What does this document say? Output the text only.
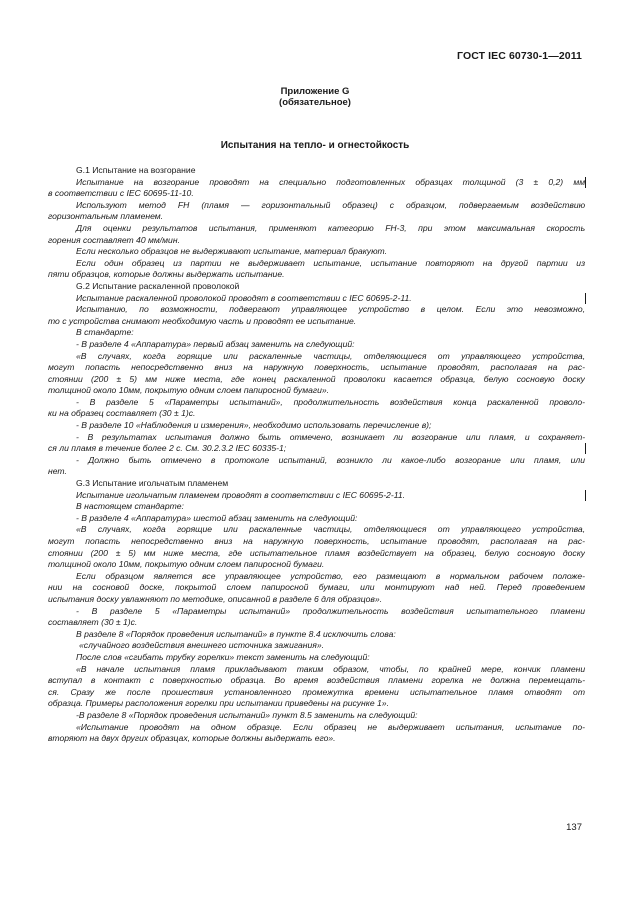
ГОСТ IEC 60730-1—2011
Приложение G
(обязательное)
Испытания на тепло- и огнестойкость
G.1 Испытание на возгорание
Испытание на возгорание проводят на специально подготовленных образцах толщиной (3 ± 0,2) мм
в соответствии с IEC 60695-11-10.
Используют метод FH (пламя — горизонтальный образец) с образцом, подвергаемым воздействию
горизонтальным пламенем.
Для оценки результатов испытания, применяют категорию FH-3, при этом максимальная скорость
горения составляет 40 мм/мин.
Если несколько образцов не выдерживают испытание, материал бракуют.
Если один образец из партии не выдерживает испытание, испытание повторяют на другой партии из
пяти образцов, которые должны выдержать испытание.
G.2 Испытание раскаленной проволокой
Испытание раскаленной проволокой проводят в соответствии с IEC 60695-2-11.
Испытанию, по возможности, подвергают управляющее устройство в целом. Если это невозможно,
то с устройства снимают необходимую часть и проводят ее испытание.
В стандарте:
- В разделе 4 «Аппаратура» первый абзац заменить на следующий:
«В случаях, когда горящие или раскаленные частицы, отделяющиеся от управляющего устройства,
могут попасть непосредственно вниз на наружную поверхность, испытание проводят, располагая на рас-
стоянии (200 ± 5) мм ниже места, где конец раскаленной проволоки касается образца, белую сосновую доску
толщиной около 10мм, покрытую одним слоем папиросной бумаги».
- В разделе 5 «Параметры испытаний», продолжительность воздействия конца раскаленной проволо-
ки на образец составляет (30 ± 1)с.
- В разделе 10 «Наблюдения и измерения», необходимо использовать перечисление в);
- В результатах испытания должно быть отмечено, возникает ли возгорание или пламя, и сохраняет-
ся ли пламя в течение более 2 с. См. 30.2.3.2 IEC 60335-1;
- Должно быть отмечено в протоколе испытаний, возникло ли какое-либо возгорание или пламя, или
нет.
G.3 Испытание игольчатым пламенем
Испытание игольчатым пламенем проводят в соответствии с IEC 60695-2-11.
В настоящем стандарте:
- В разделе 4 «Аппаратура» шестой абзац заменить на следующий:
«В случаях, когда горящие или раскаленные частицы, отделяющиеся от управляющего устройства,
могут попасть непосредственно вниз на наружную поверхность, испытание проводят, располагая на рас-
стоянии (200 ± 5) мм ниже места, где испытательное пламя воздействует на образец, белую сосновую доску
толщиной около 10мм, покрытую одним слоем папиросной бумаги.
Если образцом является все управляющее устройство, его размещают в нормальном рабочем положе-
нии на сосновой доске, покрытой слоем папиросной бумаги, или монтируют над ней. Перед проведением
испытания доску увлажняют по методике, описанной в разделе 6 для образцов».
- В разделе 5 «Параметры испытаний» продолжительность воздействия испытательного пламени
составляет (30 ± 1)с.
В разделе 8 «Порядок проведения испытаний» в пункте 8.4 исключить слова:
«случайного воздействия внешнего источника зажигания».
После слов «сгибать трубку горелки» текст заменить на следующий:
«В начале испытания пламя прикладывают таким образом, чтобы, по крайней мере, кончик пламени
вступал в контакт с поверхностью образца. Во время воздействия пламени горелка не должна перемещать-
ся. Сразу же после прошествия установленного промежутка времени испытательное пламя отводят от
образца. Примеры расположения горелки при испытании приведены на рисунке 1».
-В разделе 8 «Порядок проведения испытаний» пункт 8.5 заменить на следующий:
«Испытание проводят на одном образце. Если образец не выдерживает испытания, испытание по-
вторяют на двух других образцах, которые должны выдержать его».
137
